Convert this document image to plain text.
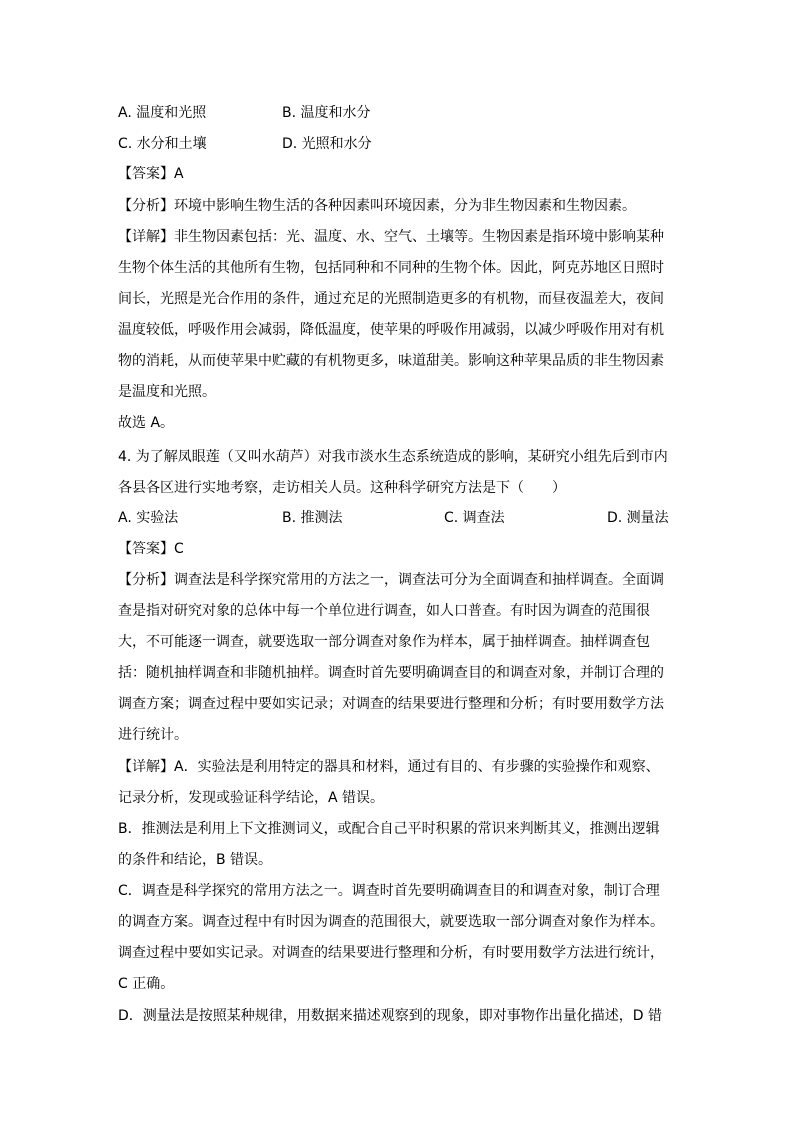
A. 温度和光照	B. 温度和水分
C. 水分和土壤	D. 光照和水分
【答案】A
【分析】环境中影响生物生活的各种因素叫环境因素，分为非生物因素和生物因素。
【详解】非生物因素包括：光、温度、水、空气、土壤等。生物因素是指环境中影响某种
生物个体生活的其他所有生物，包括同种和不同种的生物个体。因此，阿克苏地区日照时
间长，光照是光合作用的条件，通过充足的光照制造更多的有机物，而昼夜温差大，夜间
温度较低，呼吸作用会减弱，降低温度，使苹果的呼吸作用减弱，以减少呼吸作用对有机
物的消耗，从而使苹果中贮藏的有机物更多，味道甜美。影响这种苹果品质的非生物因素
是温度和光照。
故选 A。
4. 为了解凤眼莲（又叫水葫芦）对我市淡水生态系统造成的影响，某研究小组先后到市内
各县各区进行实地考察，走访相关人员。这种科学研究方法是下（　　）
A. 实验法	B. 推测法	C. 调查法	D. 测量法
【答案】C
【分析】调查法是科学探究常用的方法之一，调查法可分为全面调查和抽样调查。全面调
查是指对研究对象的总体中每一个单位进行调查，如人口普查。有时因为调查的范围很
大，不可能逐一调查，就要选取一部分调查对象作为样本，属于抽样调查。抽样调查包
括：随机抽样调查和非随机抽样。调查时首先要明确调查目的和调查对象，并制订合理的
调查方案；调查过程中要如实记录；对调查的结果要进行整理和分析；有时要用数学方法
进行统计。
【详解】A．实验法是利用特定的器具和材料，通过有目的、有步骤的实验操作和观察、
记录分析，发现或验证科学结论，A 错误。
B．推测法是利用上下文推测词义，或配合自己平时积累的常识来判断其义，推测出逻辑
的条件和结论，B 错误。
C．调查是科学探究的常用方法之一。调查时首先要明确调查目的和调查对象，制订合理
的调查方案。调查过程中有时因为调查的范围很大，就要选取一部分调查对象作为样本。
调查过程中要如实记录。对调查的结果要进行整理和分析，有时要用数学方法进行统计，
C 正确。
D．测量法是按照某种规律，用数据来描述观察到的现象，即对事物作出量化描述，D 错
